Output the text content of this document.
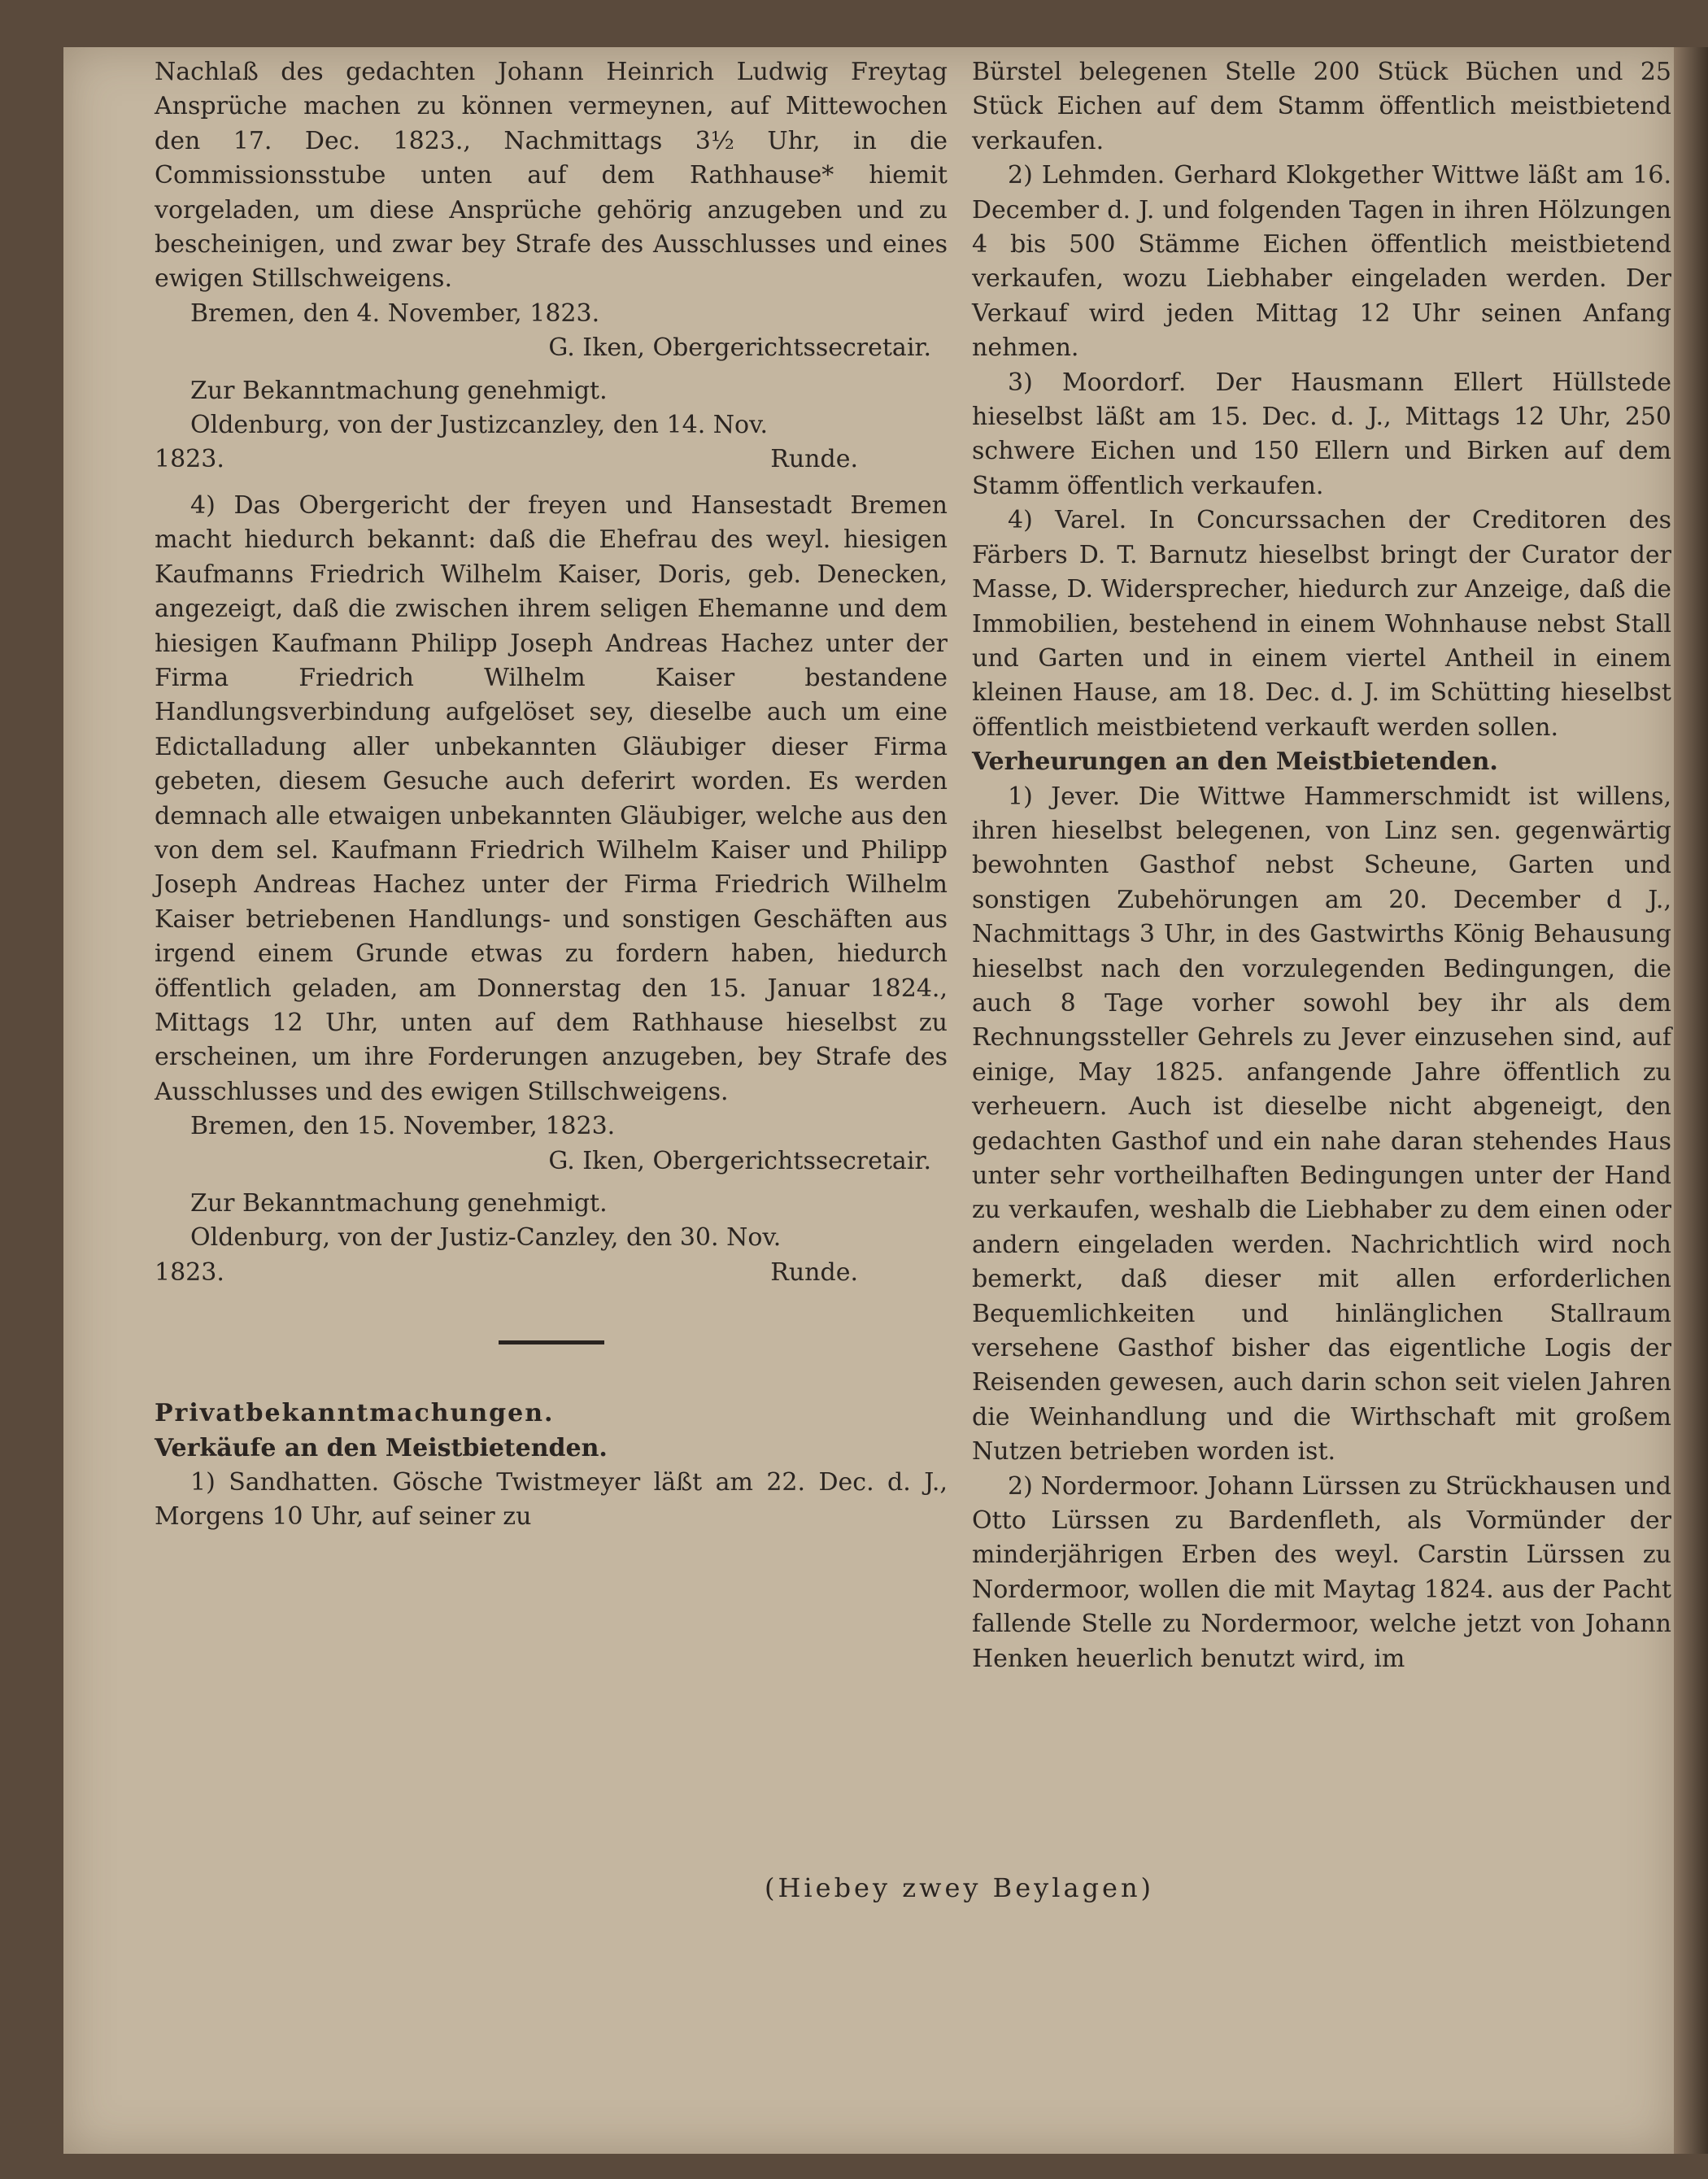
Nachlaß des gedachten Johann Heinrich Ludwig Freytag Ansprüche machen zu können vermeynen, auf Mittewochen den 17. Dec. 1823., Nachmittags 3½ Uhr, in die Commissionsstube unten auf dem Rathhause* hiemit vorgeladen, um diese Ansprüche gehörig anzugeben und zu bescheinigen, und zwar bey Strafe des Ausschlusses und eines ewigen Stillschweigens.

Bremen, den 4. November, 1823.

G. Iken, Obergerichtssecretair.

Zur Bekanntmachung genehmigt.

Oldenburg, von der Justizcanzley, den 14. Nov.

1823.	Runde.

4) Das Obergericht der freyen und Hansestadt Bremen macht hiedurch bekannt: daß die Ehefrau des weyl. hiesigen Kaufmanns Friedrich Wilhelm Kaiser, Doris, geb. Denecken, angezeigt, daß die zwischen ihrem seligen Ehemanne und dem hiesigen Kaufmann Philipp Joseph Andreas Hachez unter der Firma Friedrich Wilhelm Kaiser bestandene Handlungsverbindung aufgelöset sey, dieselbe auch um eine Edictalladung aller unbekannten Gläubiger dieser Firma gebeten, diesem Gesuche auch deferirt worden. Es werden demnach alle etwaigen unbekannten Gläubiger, welche aus den von dem sel. Kaufmann Friedrich Wilhelm Kaiser und Philipp Joseph Andreas Hachez unter der Firma Friedrich Wilhelm Kaiser betriebenen Handlungs- und sonstigen Geschäften aus irgend einem Grunde etwas zu fordern haben, hiedurch öffentlich geladen, am Donnerstag den 15. Januar 1824., Mittags 12 Uhr, unten auf dem Rathhause hieselbst zu erscheinen, um ihre Forderungen anzugeben, bey Strafe des Ausschlusses und des ewigen Stillschweigens.

Bremen, den 15. November, 1823.

G. Iken, Obergerichtssecretair.

Zur Bekanntmachung genehmigt.

Oldenburg, von der Justiz-Canzley, den 30. Nov.

1823.	Runde.

Privatbekanntmachungen.

Verkäufe an den Meistbietenden.

1) Sandhatten. Gösche Twistmeyer läßt am 22. Dec. d. J., Morgens 10 Uhr, auf seiner zu

Bürstel belegenen Stelle 200 Stück Büchen und 25 Stück Eichen auf dem Stamm öffentlich meistbietend verkaufen.

2) Lehmden. Gerhard Klokgether Wittwe läßt am 16. December d. J. und folgenden Tagen in ihren Hölzungen 4 bis 500 Stämme Eichen öffentlich meistbietend verkaufen, wozu Liebhaber eingeladen werden. Der Verkauf wird jeden Mittag 12 Uhr seinen Anfang nehmen.

3) Moordorf. Der Hausmann Ellert Hüllstede hieselbst läßt am 15. Dec. d. J., Mittags 12 Uhr, 250 schwere Eichen und 150 Ellern und Birken auf dem Stamm öffentlich verkaufen.

4) Varel. In Concurssachen der Creditoren des Färbers D. T. Barnutz hieselbst bringt der Curator der Masse, D. Widersprecher, hiedurch zur Anzeige, daß die Immobilien, bestehend in einem Wohnhause nebst Stall und Garten und in einem viertel Antheil in einem kleinen Hause, am 18. Dec. d. J. im Schütting hieselbst öffentlich meistbietend verkauft werden sollen.

Verheurungen an den Meistbietenden.

1) Jever. Die Wittwe Hammerschmidt ist willens, ihren hieselbst belegenen, von Linz sen. gegenwärtig bewohnten Gasthof nebst Scheune, Garten und sonstigen Zubehörungen am 20. December d J., Nachmittags 3 Uhr, in des Gastwirths König Behausung hieselbst nach den vorzulegenden Bedingungen, die auch 8 Tage vorher sowohl bey ihr als dem Rechnungssteller Gehrels zu Jever einzusehen sind, auf einige, May 1825. anfangende Jahre öffentlich zu verheuern. Auch ist dieselbe nicht abgeneigt, den gedachten Gasthof und ein nahe daran stehendes Haus unter sehr vortheilhaften Bedingungen unter der Hand zu verkaufen, weshalb die Liebhaber zu dem einen oder andern eingeladen werden. Nachrichtlich wird noch bemerkt, daß dieser mit allen erforderlichen Bequemlichkeiten und hinlänglichen Stallraum versehene Gasthof bisher das eigentliche Logis der Reisenden gewesen, auch darin schon seit vielen Jahren die Weinhandlung und die Wirthschaft mit großem Nutzen betrieben worden ist.

2) Nordermoor. Johann Lürssen zu Strückhausen und Otto Lürssen zu Bardenfleth, als Vormünder der minderjährigen Erben des weyl. Carstin Lürssen zu Nordermoor, wollen die mit Maytag 1824. aus der Pacht fallende Stelle zu Nordermoor, welche jetzt von Johann Henken heuerlich benutzt wird, im

(Hiebey zwey Beylagen)
